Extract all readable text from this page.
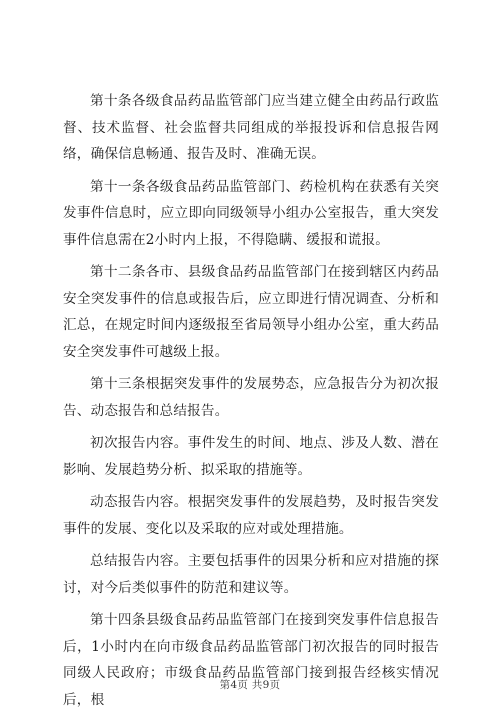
第十条各级食品药品监管部门应当建立健全由药品行政监督、技术监督、社会监督共同组成的举报投诉和信息报告网络，确保信息畅通、报告及时、准确无误。

第十一条各级食品药品监管部门、药检机构在获悉有关突发事件信息时，应立即向同级领导小组办公室报告，重大突发事件信息需在2小时内上报，不得隐瞒、缓报和谎报。

第十二条各市、县级食品药品监管部门在接到辖区内药品安全突发事件的信息或报告后，应立即进行情况调查、分析和汇总，在规定时间内逐级报至省局领导小组办公室，重大药品安全突发事件可越级上报。

第十三条根据突发事件的发展势态，应急报告分为初次报告、动态报告和总结报告。

初次报告内容。事件发生的时间、地点、涉及人数、潜在影响、发展趋势分析、拟采取的措施等。

动态报告内容。根据突发事件的发展趋势，及时报告突发事件的发展、变化以及采取的应对或处理措施。

总结报告内容。主要包括事件的因果分析和应对措施的探讨，对今后类似事件的防范和建议等。

第十四条县级食品药品监管部门在接到突发事件信息报告后，1小时内在向市级食品药品监管部门初次报告的同时报告同级人民政府；市级食品药品监管部门接到报告经核实情况后，根

第4页 共9页
